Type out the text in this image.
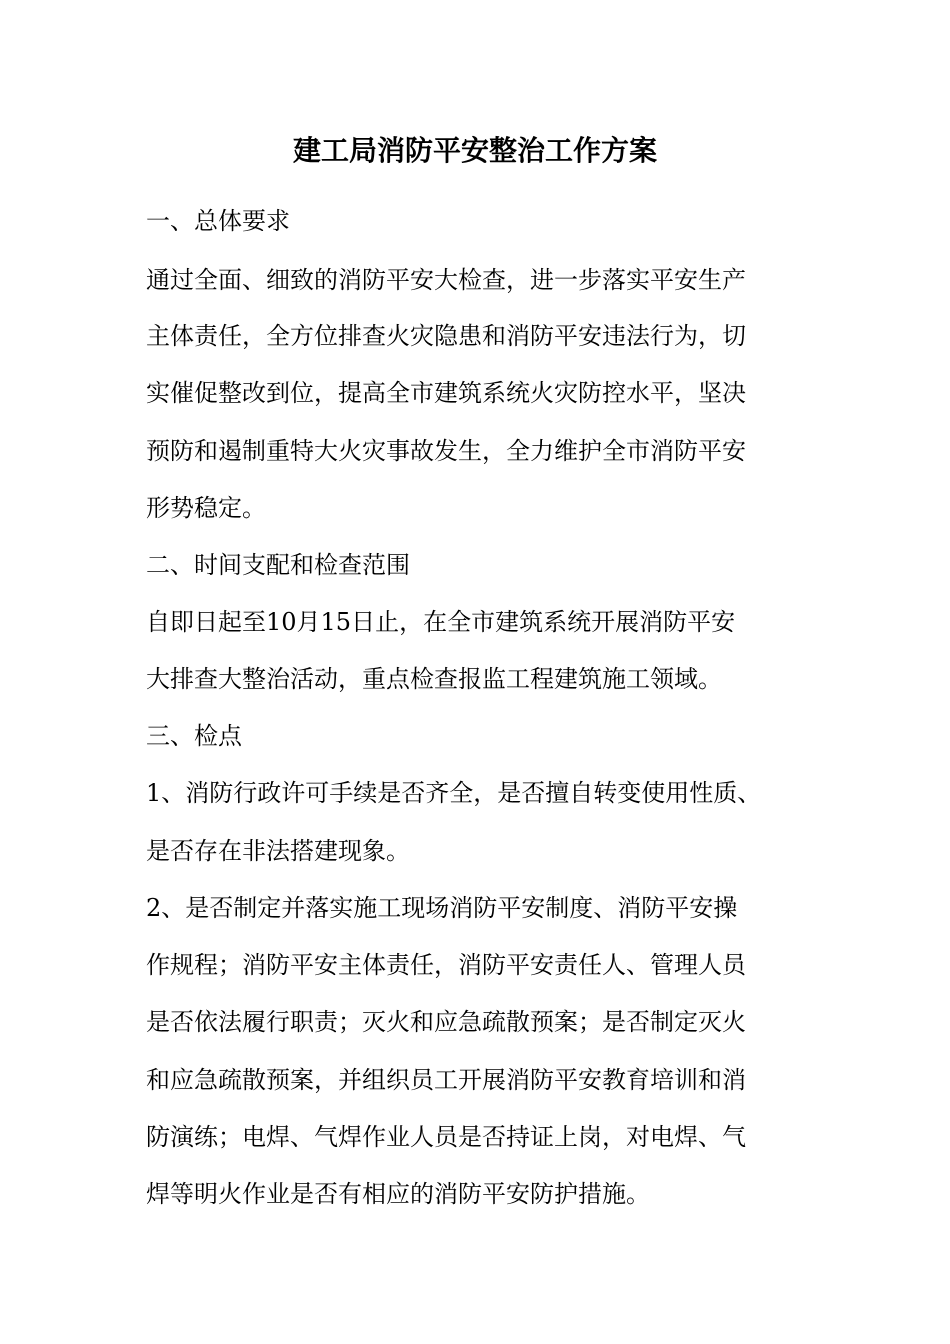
建工局消防平安整治工作方案
一、总体要求
通过全面、细致的消防平安大检查，进一步落实平安生产
主体责任，全方位排查火灾隐患和消防平安违法行为，切
实催促整改到位，提高全市建筑系统火灾防控水平，坚决
预防和遏制重特大火灾事故发生，全力维护全市消防平安
形势稳定。
二、时间支配和检查范围
自即日起至10月15日止，在全市建筑系统开展消防平安
大排查大整治活动，重点检查报监工程建筑施工领域。
三、检点
1、消防行政许可手续是否齐全，是否擅自转变使用性质、
是否存在非法搭建现象。
2、是否制定并落实施工现场消防平安制度、消防平安操
作规程；消防平安主体责任，消防平安责任人、管理人员
是否依法履行职责；灭火和应急疏散预案；是否制定灭火
和应急疏散预案，并组织员工开展消防平安教育培训和消
防演练；电焊、气焊作业人员是否持证上岗，对电焊、气
焊等明火作业是否有相应的消防平安防护措施。
